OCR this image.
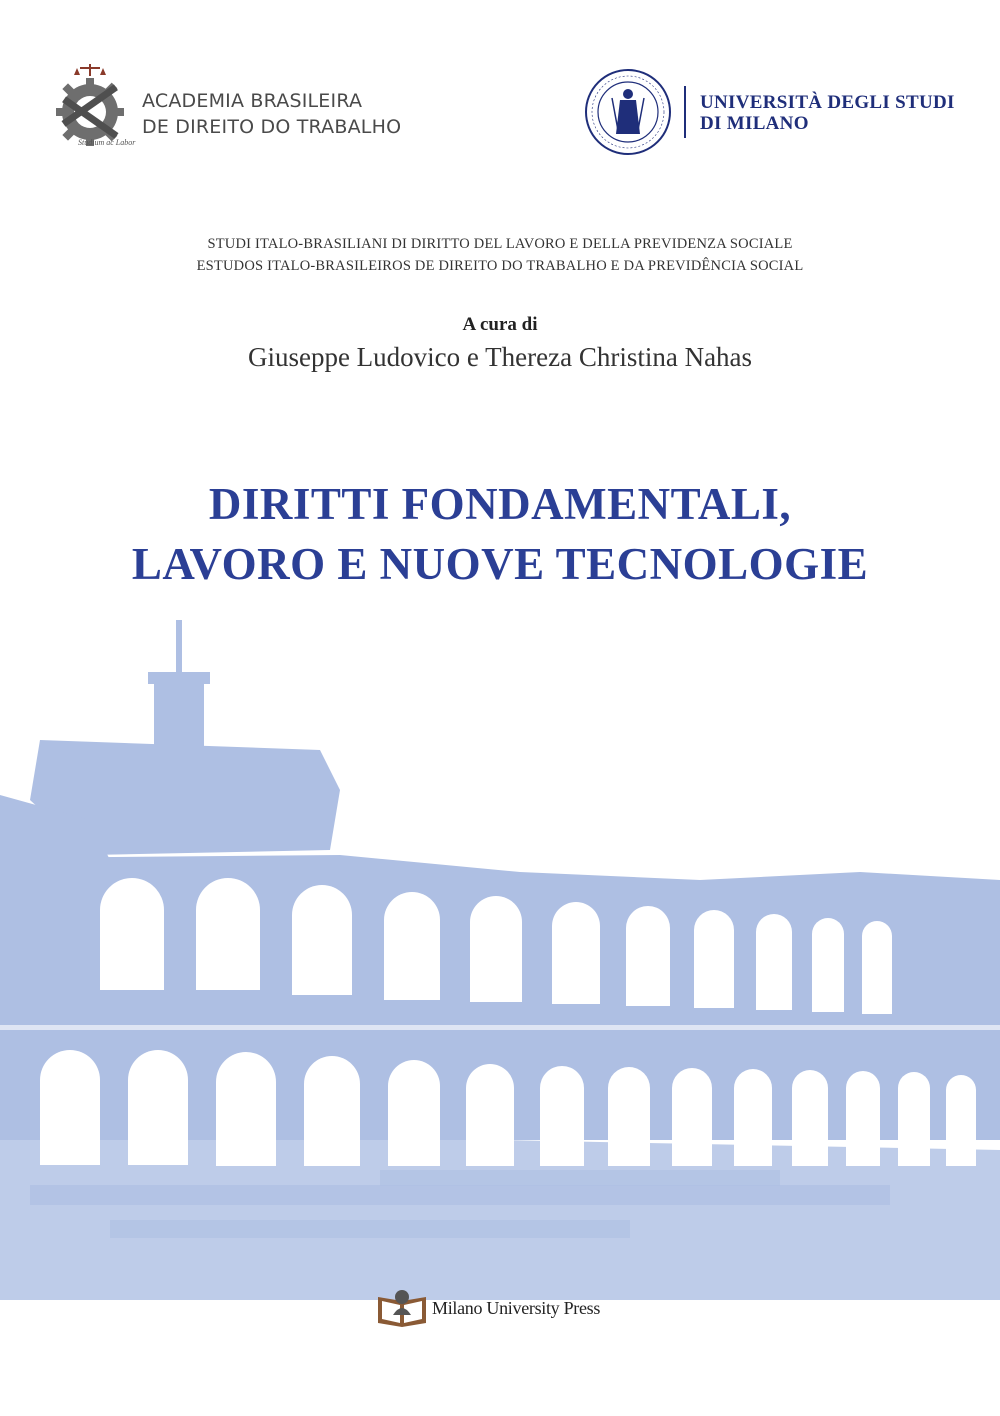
ACADEMIA BRASILEIRA
DE DIREITO DO TRABALHO
Studium ac Labor
UNIVERSITÀ DEGLI STUDI
DI MILANO
STUDI ITALO-BRASILIANI DI DIRITTO DEL LAVORO E DELLA PREVIDENZA SOCIALE
ESTUDOS ITALO-BRASILEIROS DE DIREITO DO TRABALHO E DA PREVIDÊNCIA SOCIAL
A cura di
Giuseppe Ludovico e Thereza Christina Nahas
DIRITTI FONDAMENTALI,
LAVORO E NUOVE TECNOLOGIE
Milano University Press
